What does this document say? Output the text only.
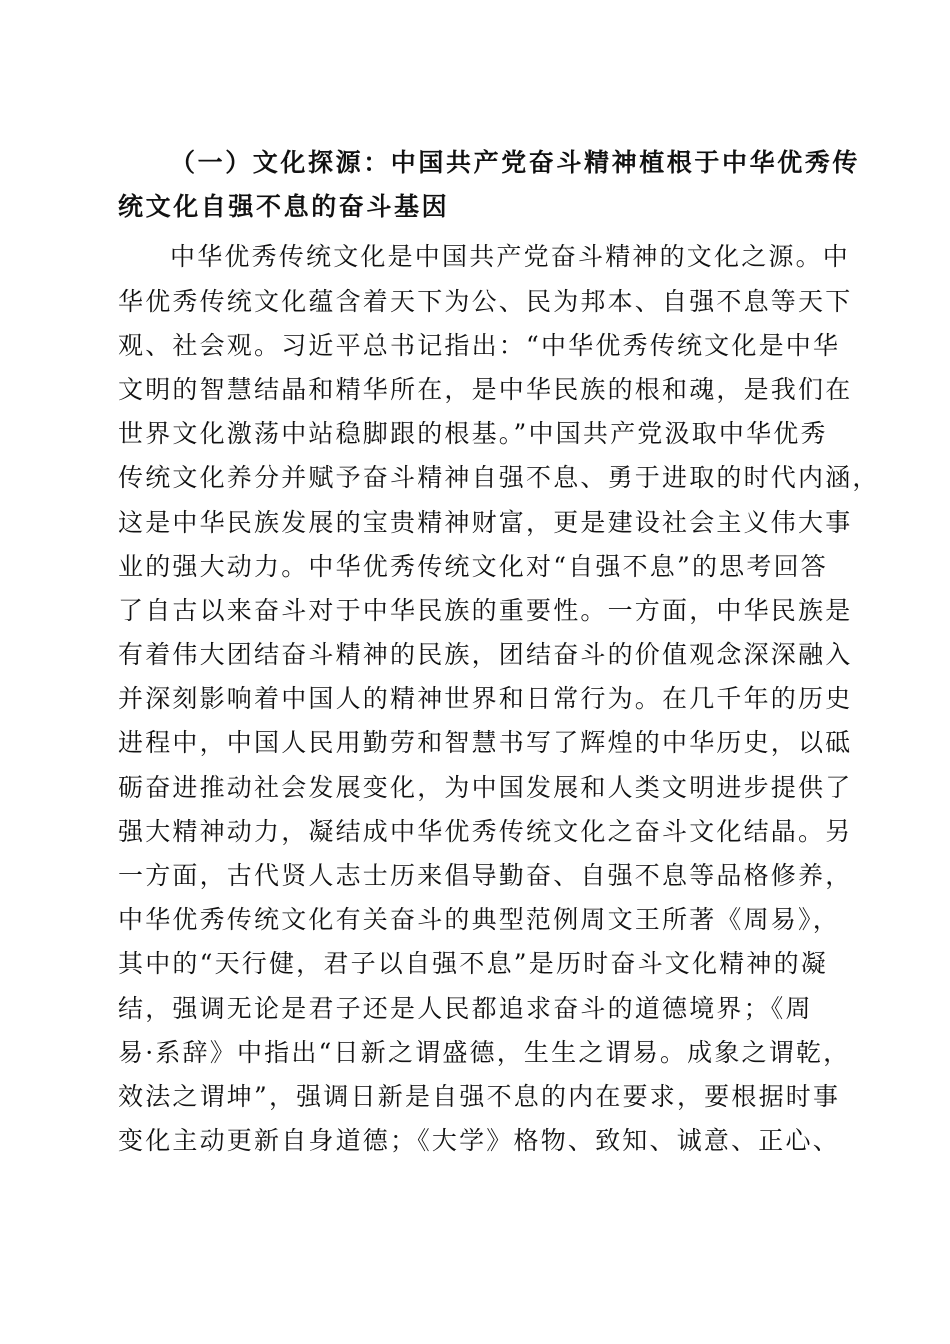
（一）文化探源：中国共产党奋斗精神植根于中华优秀传
统文化自强不息的奋斗基因
中华优秀传统文化是中国共产党奋斗精神的文化之源。中
华优秀传统文化蕴含着天下为公、民为邦本、自强不息等天下
观、社会观。习近平总书记指出：“中华优秀传统文化是中华
文明的智慧结晶和精华所在，是中华民族的根和魂，是我们在
世界文化激荡中站稳脚跟的根基。”中国共产党汲取中华优秀
传统文化养分并赋予奋斗精神自强不息、勇于进取的时代内涵，
这是中华民族发展的宝贵精神财富，更是建设社会主义伟大事
业的强大动力。中华优秀传统文化对“自强不息”的思考回答
了自古以来奋斗对于中华民族的重要性。一方面，中华民族是
有着伟大团结奋斗精神的民族，团结奋斗的价值观念深深融入
并深刻影响着中国人的精神世界和日常行为。在几千年的历史
进程中，中国人民用勤劳和智慧书写了辉煌的中华历史，以砥
砺奋进推动社会发展变化，为中国发展和人类文明进步提供了
强大精神动力，凝结成中华优秀传统文化之奋斗文化结晶。另
一方面，古代贤人志士历来倡导勤奋、自强不息等品格修养，
中华优秀传统文化有关奋斗的典型范例周文王所著《周易》，
其中的“天行健，君子以自强不息”是历时奋斗文化精神的凝
结，强调无论是君子还是人民都追求奋斗的道德境界；《周
易·系辞》中指出“日新之谓盛德，生生之谓易。成象之谓乾，
效法之谓坤”，强调日新是自强不息的内在要求，要根据时事
变化主动更新自身道德；《大学》格物、致知、诚意、正心、
